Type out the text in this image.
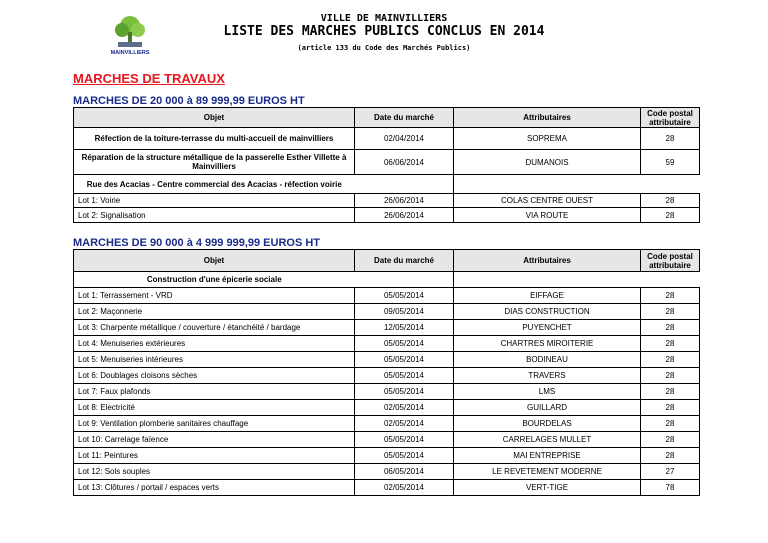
MAINVILLIERS
VILLE DE MAINVILLIERS
LISTE DES MARCHES PUBLICS CONCLUS EN 2014
(article 133 du Code des Marchés Publics)
MARCHES DE TRAVAUX
MARCHES DE 20 000 à 89 999,99 EUROS HT
Objet	Date du marché	Attributaires	Code postal attributaire
Réfection de la toiture-terrasse du multi-accueil de mainvilliers	02/04/2014	SOPREMA	28
Réparation de la structure métallique de la passerelle Esther Villette à Mainvilliers	06/06/2014	DUMANOIS	59
Rue des Acacias - Centre commercial des Acacias - réfection voirie			
Lot 1: Voirie	26/06/2014	COLAS CENTRE OUEST	28
Lot 2: Signalisation	26/06/2014	VIA ROUTE	28
MARCHES DE 90 000 à 4 999 999,99 EUROS HT
Objet	Date du marché	Attributaires	Code postal attributaire
Construction d'une épicerie sociale			
Lot 1: Terrassement - VRD	05/05/2014	EIFFAGE	28
Lot 2: Maçonnerie	09/05/2014	DIAS CONSTRUCTION	28
Lot 3: Charpente métallique / couverture / étanchéité / bardage	12/05/2014	PUYENCHET	28
Lot 4: Menuiseries extérieures	05/05/2014	CHARTRES MIROITERIE	28
Lot 5: Menuiseries intérieures	05/05/2014	BODINEAU	28
Lot 6: Doublages cloisons sèches	05/05/2014	TRAVERS	28
Lot 7: Faux plafonds	05/05/2014	LMS	28
Lot 8: Electricité	02/05/2014	GUILLARD	28
Lot 9: Ventilation plomberie sanitaires chauffage	02/05/2014	BOURDELAS	28
Lot 10: Carrelage faïence	05/05/2014	CARRELAGES MULLET	28
Lot 11: Peintures	05/05/2014	MAI ENTREPRISE	28
Lot 12: Sols souples	06/05/2014	LE REVETEMENT MODERNE	27
Lot 13: Clôtures / portail / espaces verts	02/05/2014	VERT-TIGE	78
